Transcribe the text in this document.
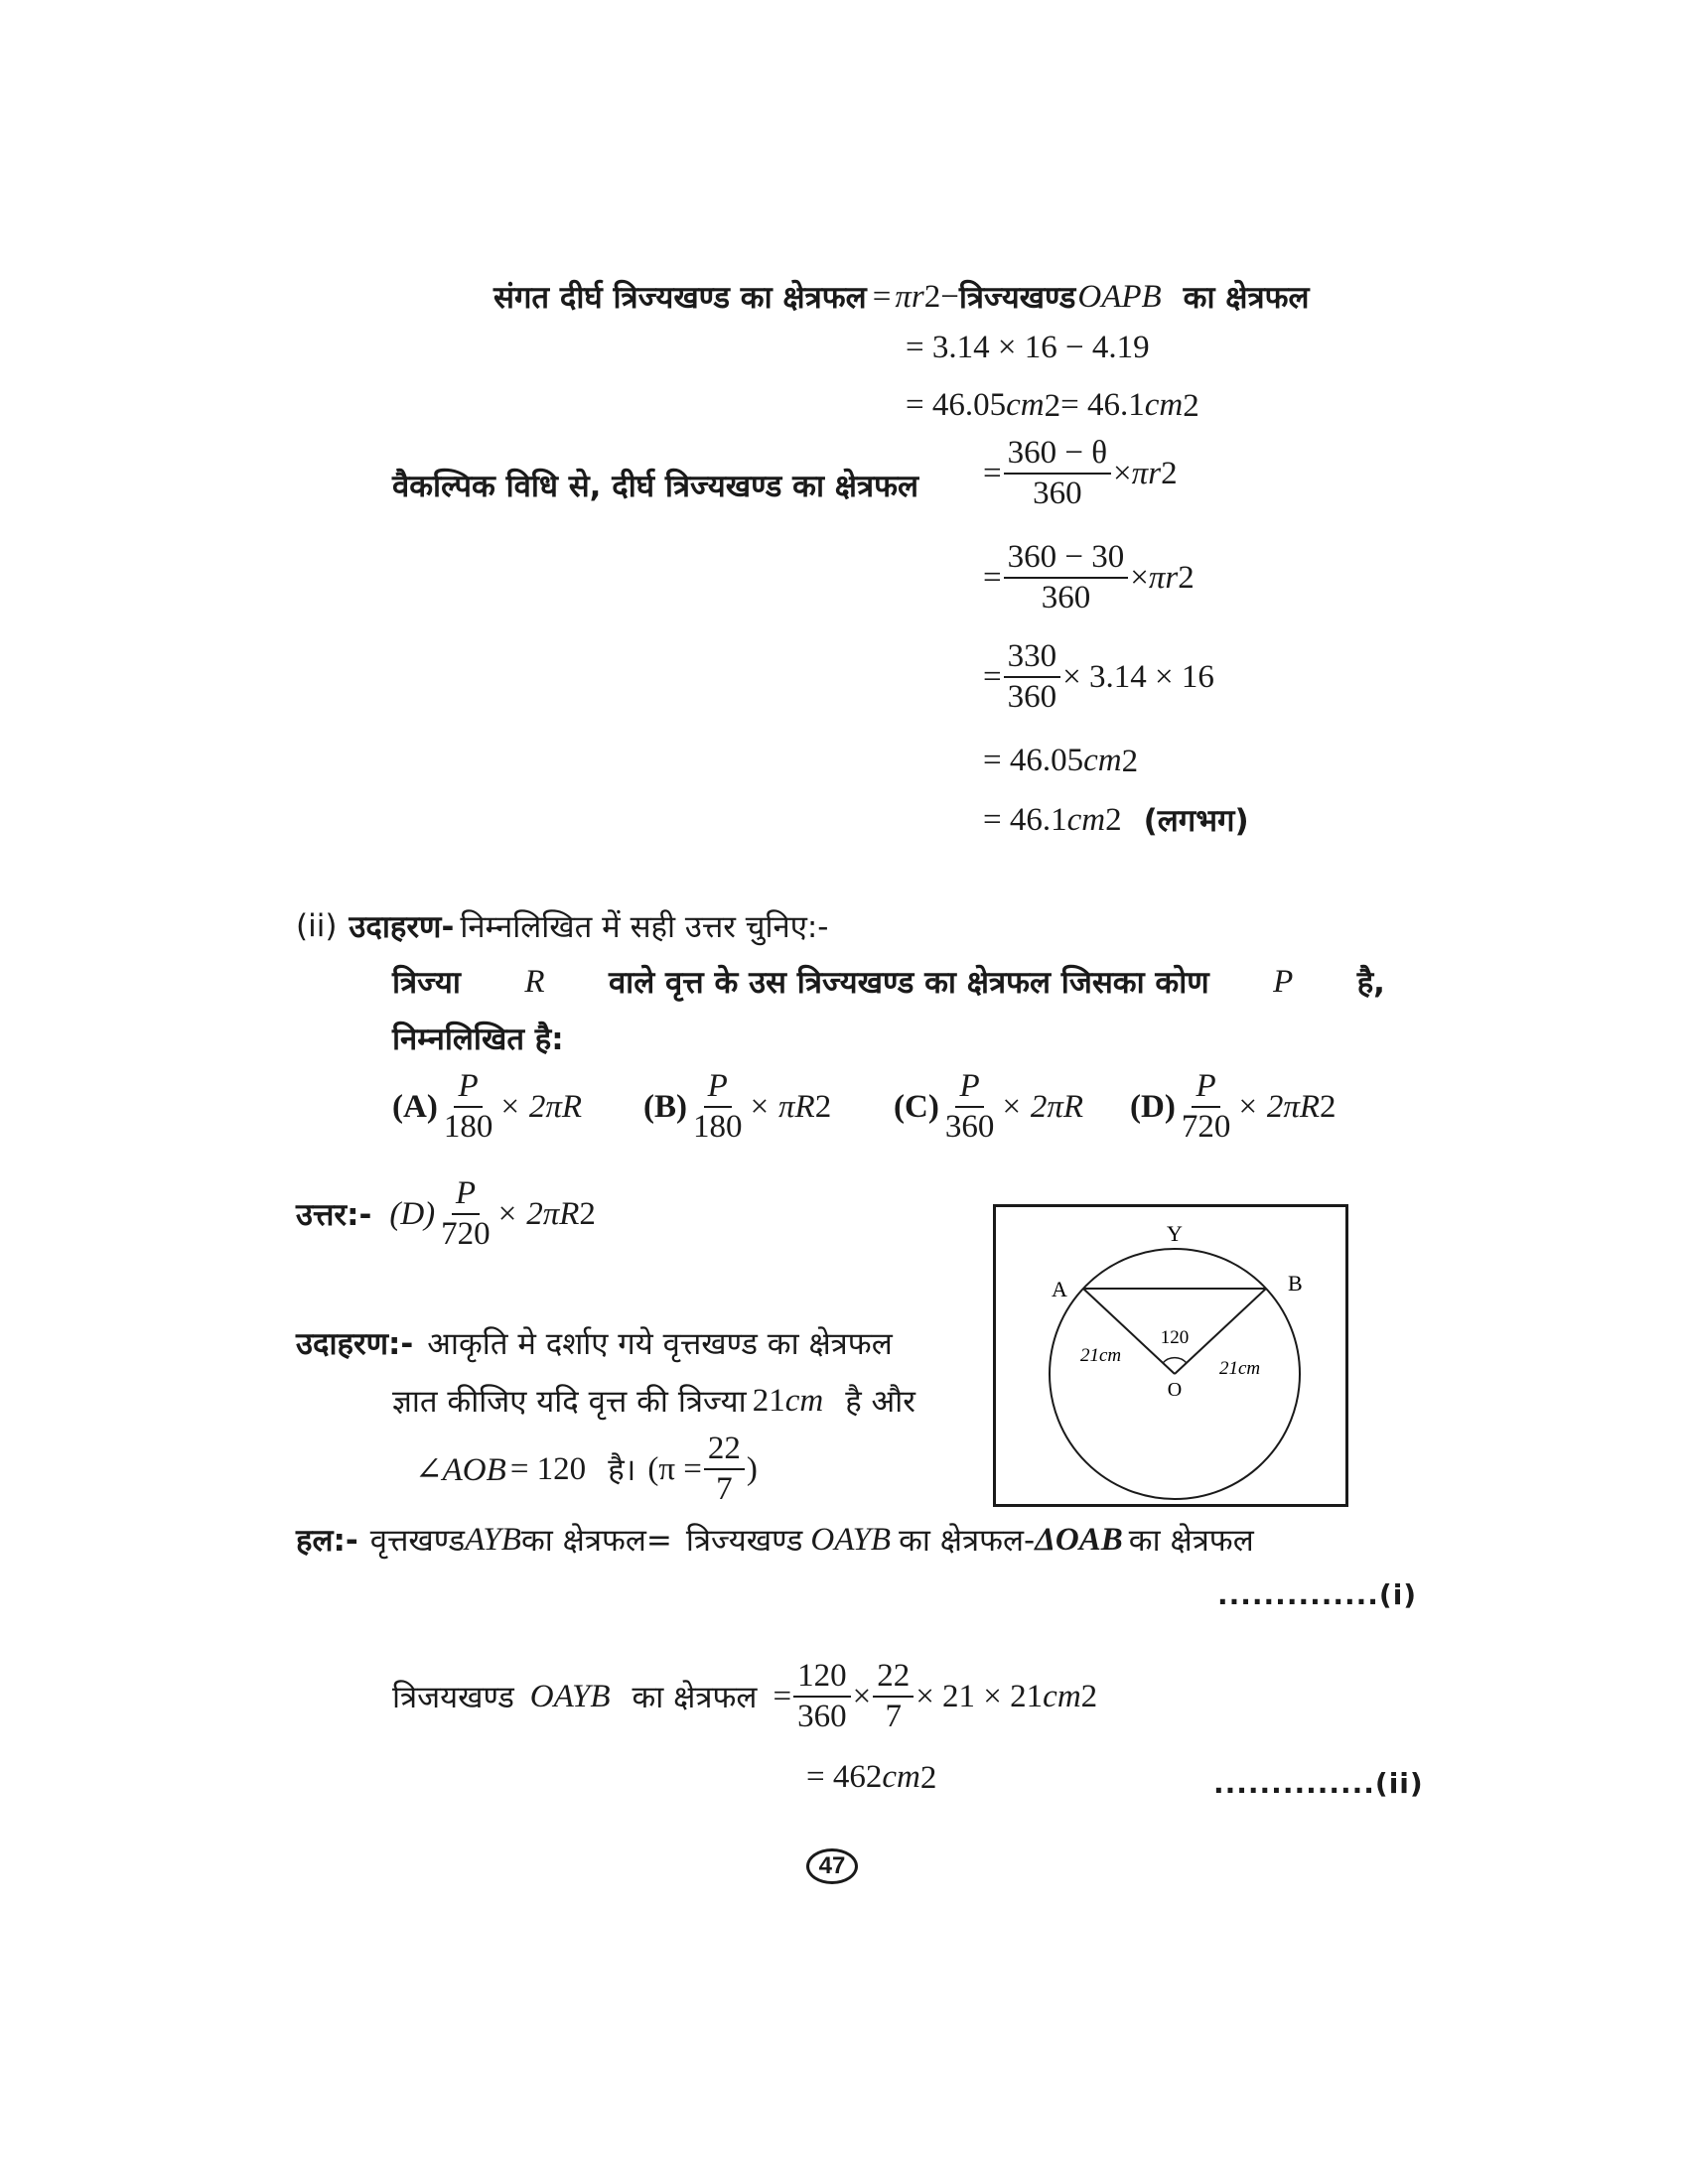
संगत दीर्घ त्रिज्यखण्ड का क्षेत्रफल = π r 2 − त्रिज्यखण्ड OAPB का क्षेत्रफल
= 3.14 × 16 − 4.19
= 46.05 cm 2 = 46.1 cm 2
वैकल्पिक विधि से, दीर्घ त्रिज्यखण्ड का क्षेत्रफल = $\frac{360 - \theta}{360} \times \pi$ r 2
= $\frac{360 - 30}{360} \times \pi$ r 2
= $\frac{330}{360} \times 3.14 \times 16$
= 46.05 cm 2
= 46.1 cm 2 (लगभग)
(ii) उदाहरण- निम्नलिखित में सही उत्तर चुनिए:-
त्रिज्या R वाले वृत्त के उस त्रिज्यखण्ड का क्षेत्रफल जिसका कोण P है,
निम्नलिखित है:
$(A) \frac{P}{180} \times 2\pi R$ $(B) \frac{P}{180} \times \pi R$ 2 $(C) \frac{P}{360} \times 2\pi R$ $(D) \frac{P}{720} \times 2\pi R$ 2
उत्तर:- $(D) \frac{P}{720} \times 2\pi R$ 2
उदाहरण:- आकृति मे दर्शाए गये वृत्तखण्ड का क्षेत्रफल
ज्ञात कीजिए यदि वृत्त की त्रिज्या 21 cm है और
∠AOB = 120 है। ($\pi = \frac{22}{7}$ )
Y
A	B
O
120
21cm
21cm
हल:- वृत्तखण्ड AYB का क्षेत्रफल= त्रिज्यखण्ड OAYB का क्षेत्रफल- ΔOAB का क्षेत्रफल
..............(i)
त्रिजयखण्ड OAYB का क्षेत्रफल = $\frac{120}{360} \times \frac{22}{7} \times 21 \times 21$ cm 2
= 462 cm 2	..............(ii)
47
